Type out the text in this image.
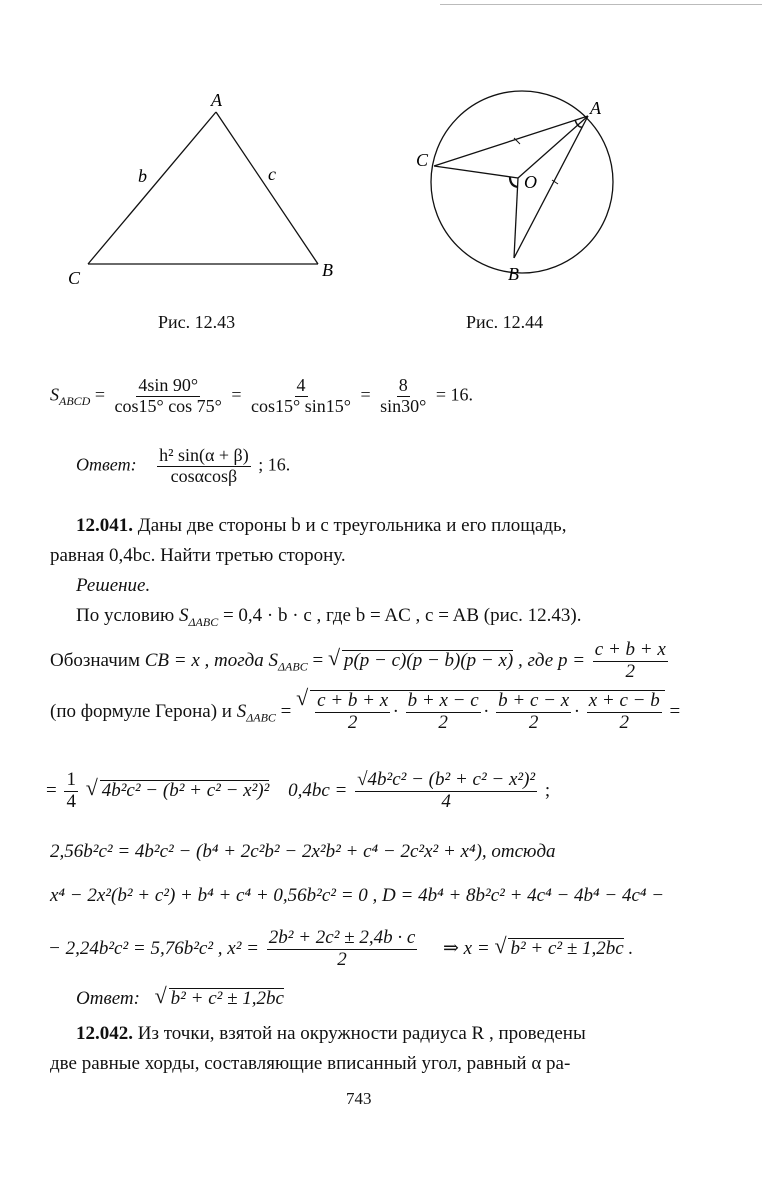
A
C	B
b	c
Рис. 12.43
A
C
O
B
Рис. 12.44
$S_{ABCD} = \frac{4\sin 90^\circ}{\cos 15^\circ \cos 75^\circ} = \frac{4}{\cos 15^\circ \sin 15^\circ} = \frac{8}{\sin 30^\circ} = 16$.
Ответ: $\frac{\text{h² sin(α + β)}}{\cos\alpha\cos\beta}$ ; 16.
12.041. Даны две стороны b и c треугольника и его площадь,
равная 0,4bc. Найти третью сторону.
Решение.
По условию $S_{\Delta ABC} = 0,4 \cdot b \cdot c$ , где b = AC , c = AB (рис. 12.43).
Обозначим CB = x , тогда $S_{\Delta ABC}$ = √ p(p − c)(p − b)(p − x) , где $p = \frac{c + b + x}{2}$
(по формуле Герона) и $S_{\Delta ABC}$ = √ $\frac{c + b + x}{2} \cdot \frac{b + x - c}{2} \cdot \frac{b + c - x}{2} \cdot \frac{x + c - b}{2}$ =
= $\frac{1}{4}$ √ 4b²c² − (b² + c² − x²)² $0,4bc = \frac{\text{√4b²c² − (b² + c² − x²)²}}{4}$ ;
2,56b²c² = 4b²c² − (b⁴ + 2c²b² − 2x²b² + c⁴ − 2c²x² + x⁴), отсюда
x⁴ − 2x²(b² + c²) + b⁴ + c⁴ + 0,56b²c² = 0 , D = 4b⁴ + 8b²c² + 4c⁴ − 4b⁴ − 4c⁴ −
− 2,24b²c² = 5,76b²c² , $x^2 = \frac{\text{2b² + 2c² ± 2,4b · c}}{2}$ ⇒ x = √ b² + c² ± 1,2bc .
Ответ: √ b² + c² ± 1,2bc
12.042. Из точки, взятой на окружности радиуса R , проведены
две равные хорды, составляющие вписанный угол, равный α ра-
743
